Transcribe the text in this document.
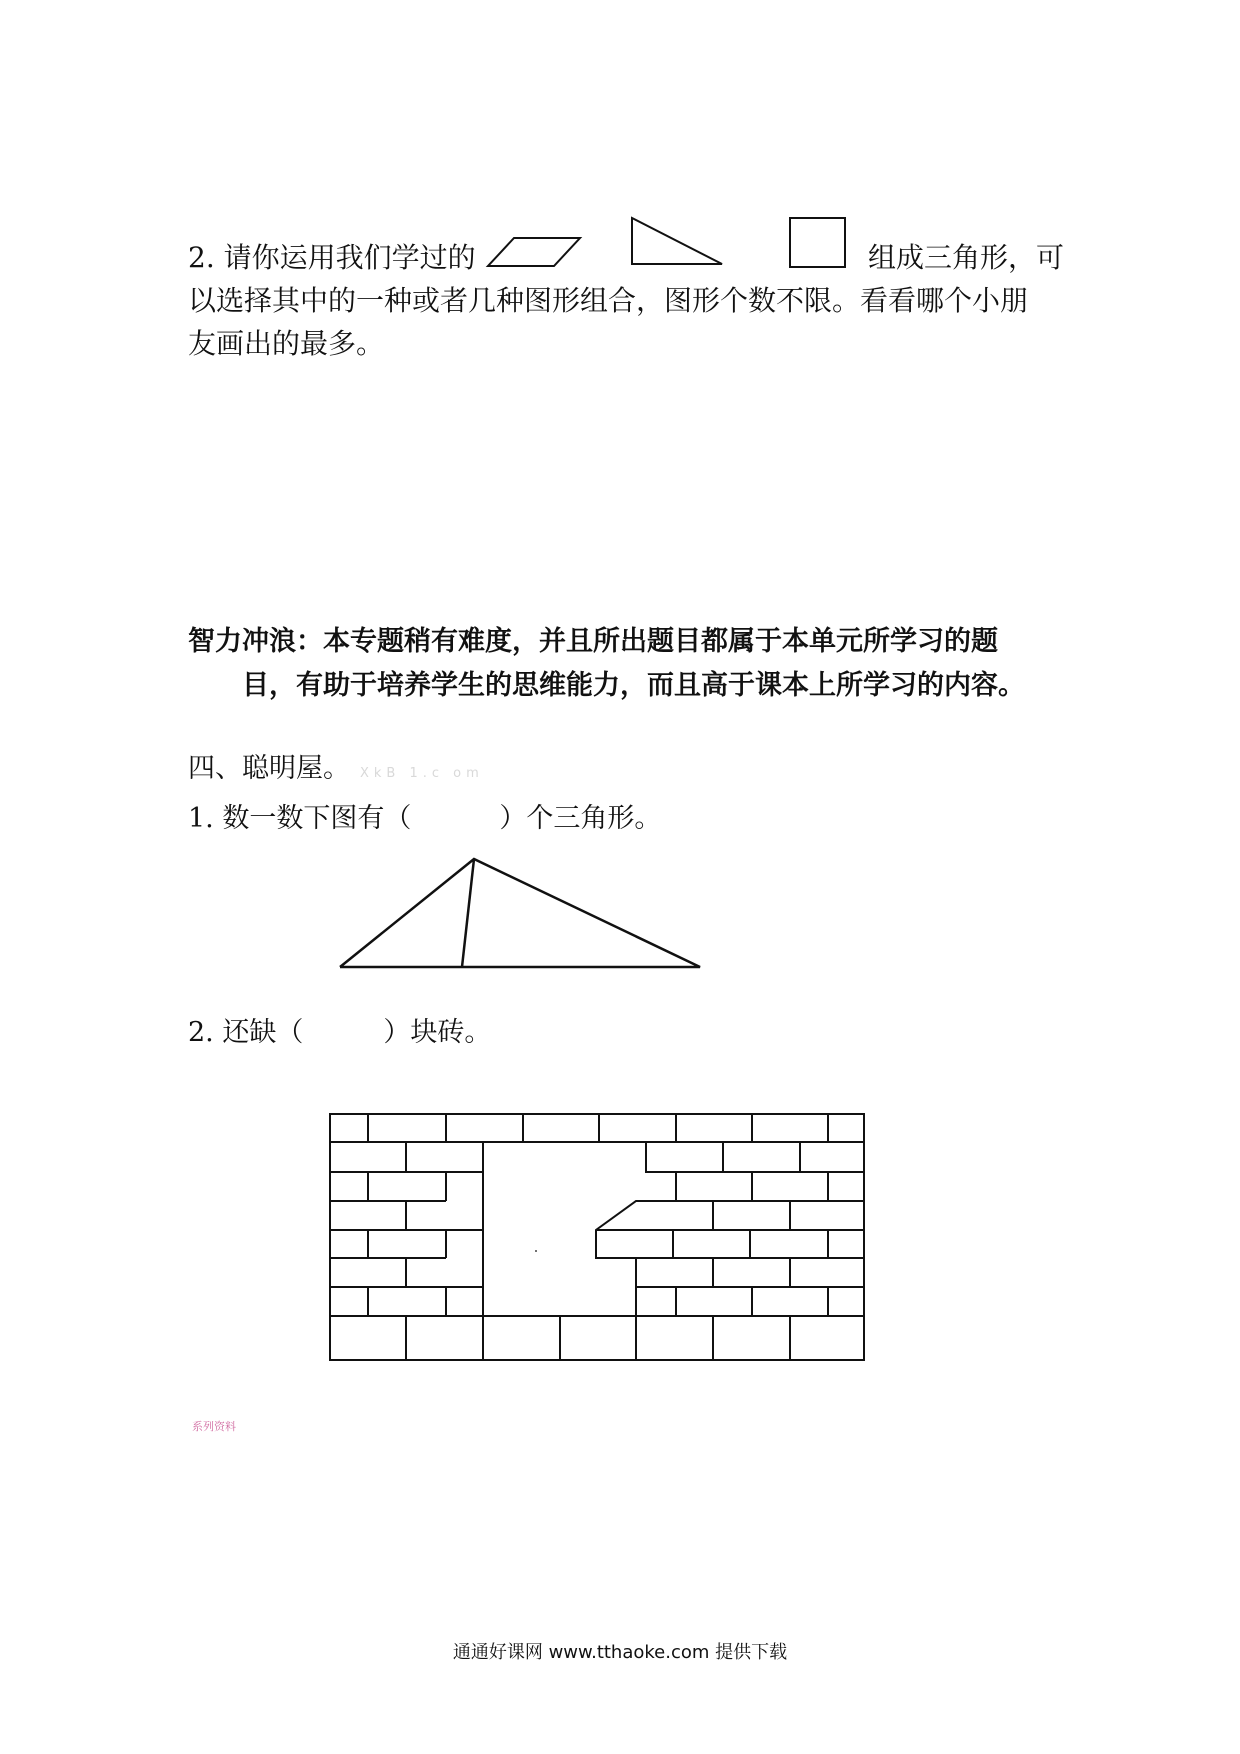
2. 请你运用我们学过的	组成三角形，可
以选择其中的一种或者几种图形组合，图形个数不限。看看哪个小朋
友画出的最多。
智力冲浪：本专题稍有难度，并且所出题目都属于本单元所学习的题
目，有助于培养学生的思维能力，而且高于课本上所学习的内容。
四、聪明屋。 XkB 1.c om
1. 数一数下图有（	）个三角形。
2. 还缺（	）块砖。
系列资料
通通好课网 www.tthaoke.com 提供下载
